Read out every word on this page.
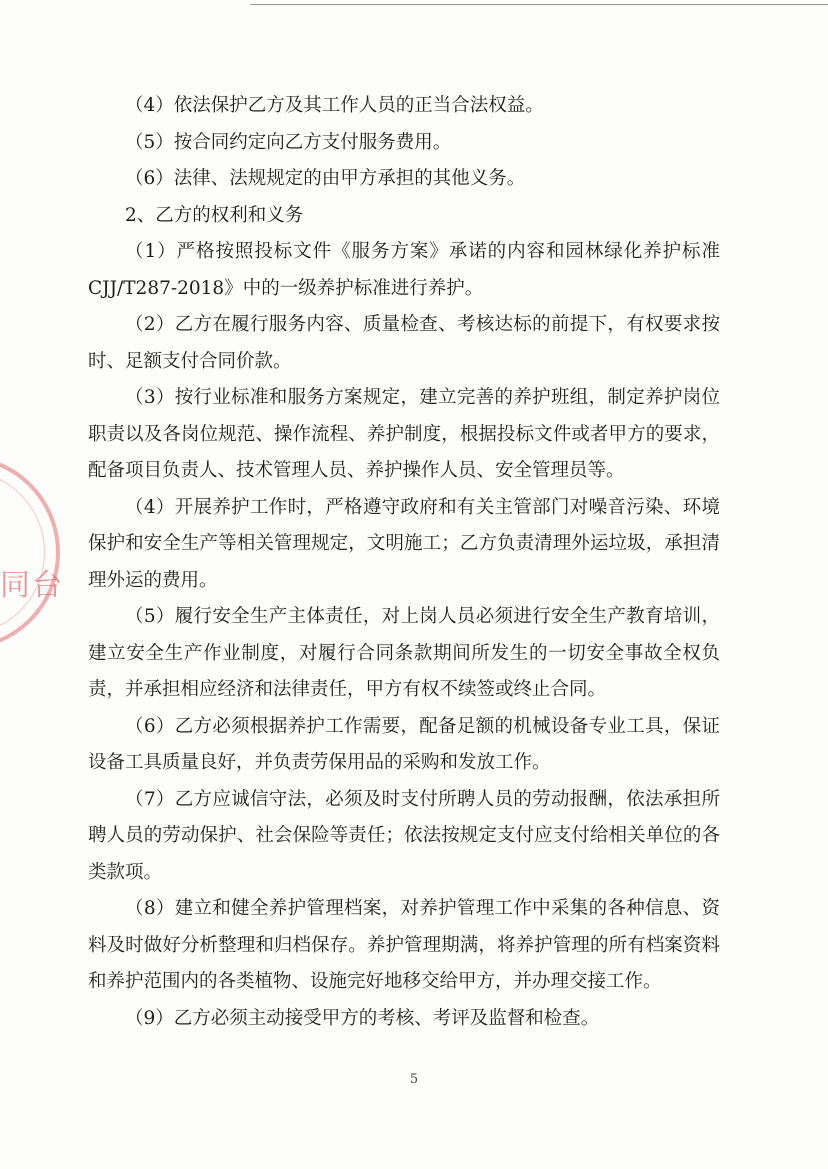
同台

（4）依法保护乙方及其工作人员的正当合法权益。

（5）按合同约定向乙方支付服务费用。

（6）法律、法规规定的由甲方承担的其他义务。

2、乙方的权利和义务

（1）严格按照投标文件《服务方案》承诺的内容和园林绿化养护标准CJJ/T287-2018》中的一级养护标准进行养护。

（2）乙方在履行服务内容、质量检查、考核达标的前提下，有权要求按时、足额支付合同价款。

（3）按行业标准和服务方案规定，建立完善的养护班组，制定养护岗位职责以及各岗位规范、操作流程、养护制度，根据投标文件或者甲方的要求，配备项目负责人、技术管理人员、养护操作人员、安全管理员等。

（4）开展养护工作时，严格遵守政府和有关主管部门对噪音污染、环境保护和安全生产等相关管理规定，文明施工；乙方负责清理外运垃圾，承担清理外运的费用。

（5）履行安全生产主体责任，对上岗人员必须进行安全生产教育培训，建立安全生产作业制度，对履行合同条款期间所发生的一切安全事故全权负责，并承担相应经济和法律责任，甲方有权不续签或终止合同。

（6）乙方必须根据养护工作需要，配备足额的机械设备专业工具，保证设备工具质量良好，并负责劳保用品的采购和发放工作。

（7）乙方应诚信守法，必须及时支付所聘人员的劳动报酬，依法承担所聘人员的劳动保护、社会保险等责任；依法按规定支付应支付给相关单位的各类款项。

（8）建立和健全养护管理档案，对养护管理工作中采集的各种信息、资料及时做好分析整理和归档保存。养护管理期满，将养护管理的所有档案资料和养护范围内的各类植物、设施完好地移交给甲方，并办理交接工作。

（9）乙方必须主动接受甲方的考核、考评及监督和检查。

5
